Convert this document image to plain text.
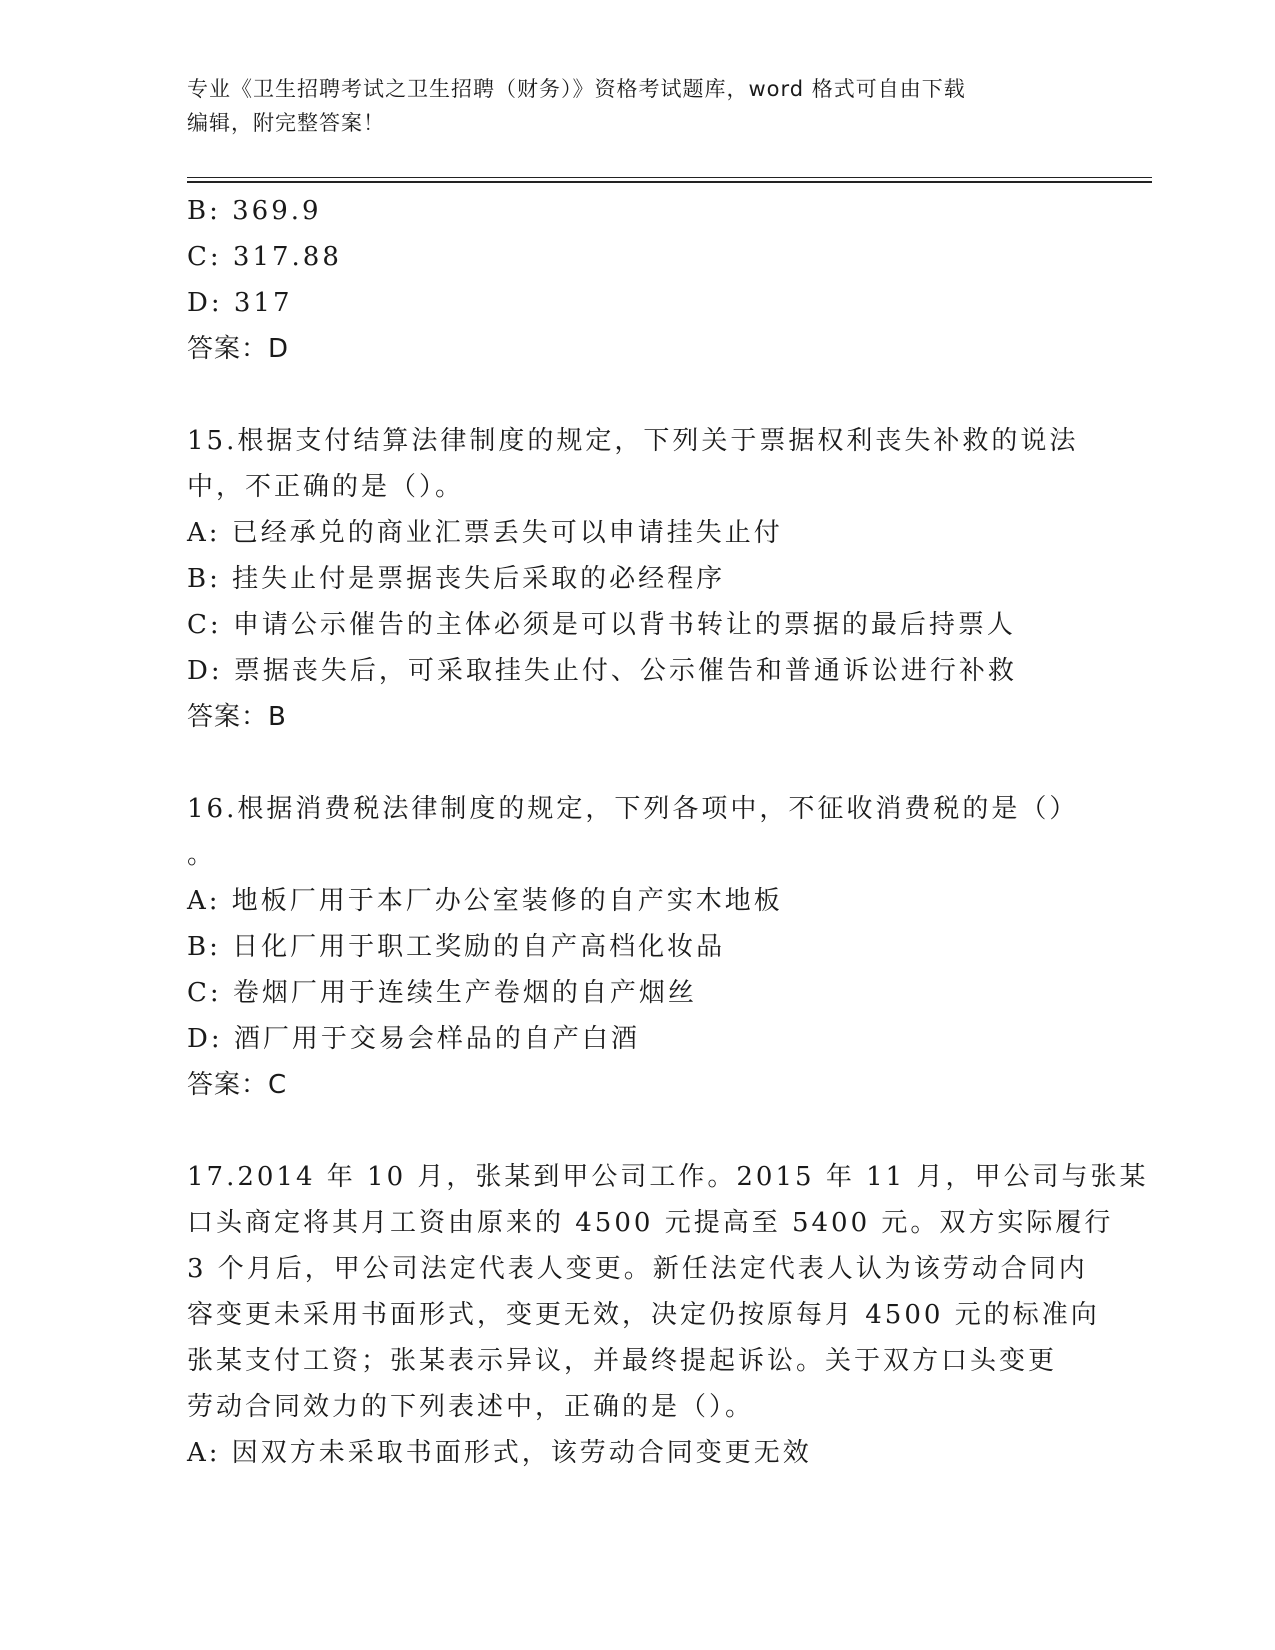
专业《卫生招聘考试之卫生招聘（财务）》资格考试题库，word 格式可自由下载
编辑，附完整答案！
B: 369.9
C: 317.88
D: 317
答案：D
15.根据支付结算法律制度的规定，下列关于票据权利丧失补救的说法
中，不正确的是（）。
A: 已经承兑的商业汇票丢失可以申请挂失止付
B: 挂失止付是票据丧失后采取的必经程序
C: 申请公示催告的主体必须是可以背书转让的票据的最后持票人
D: 票据丧失后，可采取挂失止付、公示催告和普通诉讼进行补救
答案：B
16.根据消费税法律制度的规定，下列各项中，不征收消费税的是（）
。
A: 地板厂用于本厂办公室装修的自产实木地板
B: 日化厂用于职工奖励的自产高档化妆品
C: 卷烟厂用于连续生产卷烟的自产烟丝
D: 酒厂用于交易会样品的自产白酒
答案：C
17.2014 年 10 月，张某到甲公司工作。2015 年 11 月，甲公司与张某
口头商定将其月工资由原来的 4500 元提高至 5400 元。双方实际履行
3 个月后，甲公司法定代表人变更。新任法定代表人认为该劳动合同内
容变更未采用书面形式，变更无效，决定仍按原每月 4500 元的标准向
张某支付工资；张某表示异议，并最终提起诉讼。关于双方口头变更
劳动合同效力的下列表述中，正确的是（）。
A: 因双方未采取书面形式，该劳动合同变更无效
